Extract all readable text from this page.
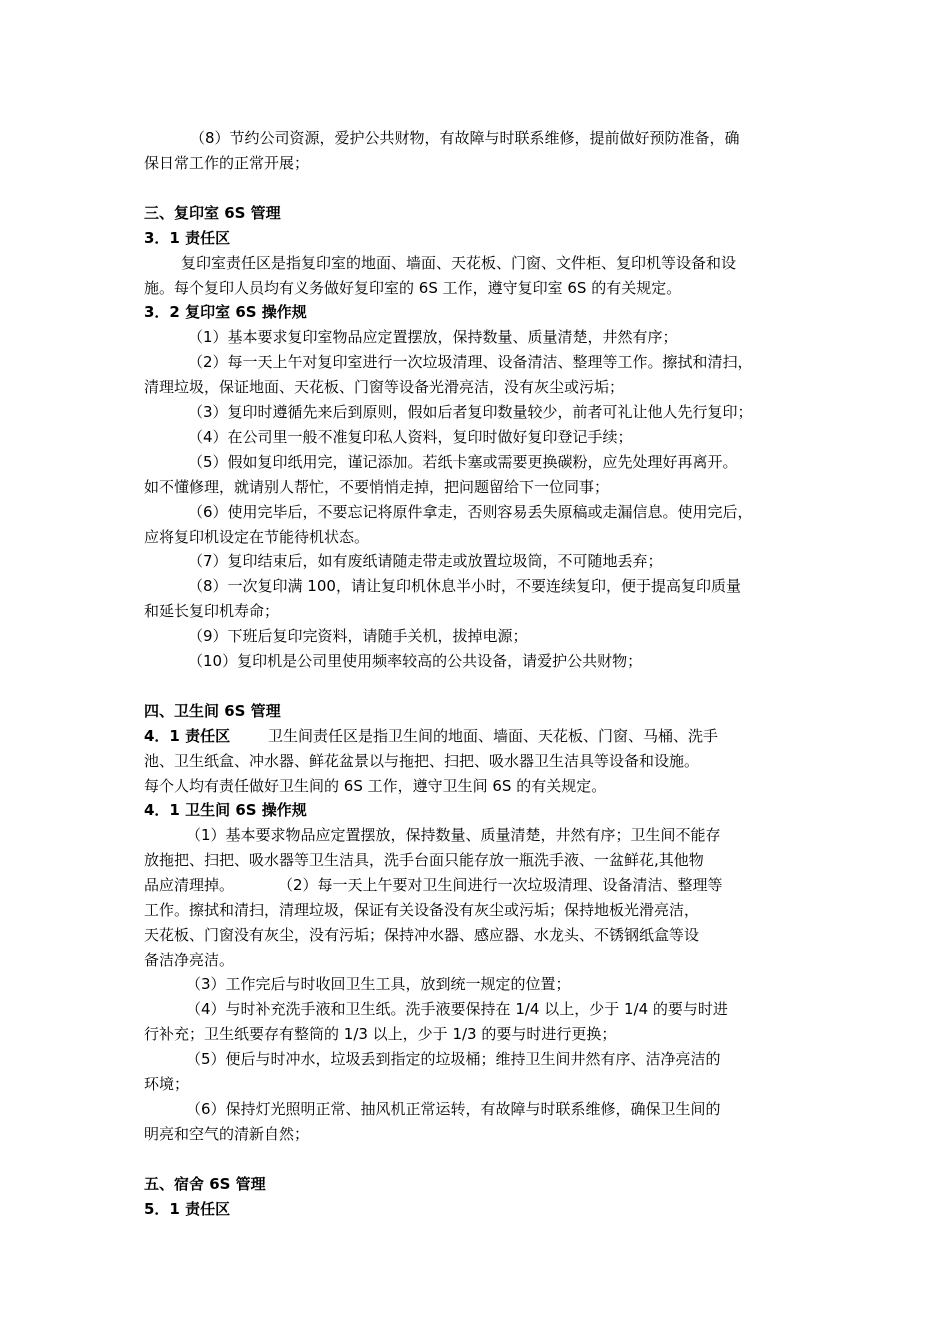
（8）节约公司资源，爱护公共财物，有故障与时联系维修，提前做好预防准备，确
保日常工作的正常开展；
三、复印室 6S 管理
3．1 责任区
复印室责任区是指复印室的地面、墙面、天花板、门窗、文件柜、复印机等设备和设
施。每个复印人员均有义务做好复印室的 6S 工作，遵守复印室 6S 的有关规定。
3．2 复印室 6S 操作规
（1）基本要求复印室物品应定置摆放，保持数量、质量清楚，井然有序；
（2）每一天上午对复印室进行一次垃圾清理、设备清洁、整理等工作。擦拭和清扫，
清理垃圾，保证地面、天花板、门窗等设备光滑亮洁，没有灰尘或污垢；
（3）复印时遵循先来后到原则，假如后者复印数量较少，前者可礼让他人先行复印；
（4）在公司里一般不准复印私人资料，复印时做好复印登记手续；
（5）假如复印纸用完，谨记添加。若纸卡塞或需要更换碳粉，应先处理好再离开。
如不懂修理，就请别人帮忙，不要悄悄走掉，把问题留给下一位同事；
（6）使用完毕后，不要忘记将原件拿走，否则容易丢失原稿或走漏信息。使用完后，
应将复印机设定在节能待机状态。
（7）复印结束后，如有废纸请随走带走或放置垃圾筒，不可随地丢弃；
（8）一次复印满 100，请让复印机休息半小时，不要连续复印，便于提高复印质量
和延长复印机寿命；
（9）下班后复印完资料，请随手关机，拔掉电源；
（10）复印机是公司里使用频率较高的公共设备，请爱护公共财物；
四、卫生间 6S 管理
4．1 责任区	卫生间责任区是指卫生间的地面、墙面、天花板、门窗、马桶、洗手
池、卫生纸盒、冲水器、鲜花盆景以与拖把、扫把、吸水器卫生洁具等设备和设施。
每个人均有责任做好卫生间的 6S 工作，遵守卫生间 6S 的有关规定。
4．1 卫生间 6S 操作规
（1）基本要求物品应定置摆放，保持数量、质量清楚，井然有序；卫生间不能存
放拖把、扫把、吸水器等卫生洁具，洗手台面只能存放一瓶洗手液、一盆鲜花,其他物
品应清理掉。	（2）每一天上午要对卫生间进行一次垃圾清理、设备清洁、整理等
工作。擦拭和清扫，清理垃圾，保证有关设备没有灰尘或污垢；保持地板光滑亮洁，
天花板、门窗没有灰尘，没有污垢；保持冲水器、感应器、水龙头、不锈钢纸盒等设
备洁净亮洁。
（3）工作完后与时收回卫生工具，放到统一规定的位置；
（4）与时补充洗手液和卫生纸。洗手液要保持在 1/4 以上，少于 1/4 的要与时进
行补充；卫生纸要存有整筒的 1/3 以上，少于 1/3 的要与时进行更换；
（5）便后与时冲水，垃圾丢到指定的垃圾桶；维持卫生间井然有序、洁净亮洁的
环境；
（6）保持灯光照明正常、抽风机正常运转，有故障与时联系维修，确保卫生间的
明亮和空气的清新自然；
五、宿舍 6S 管理
5．1 责任区
